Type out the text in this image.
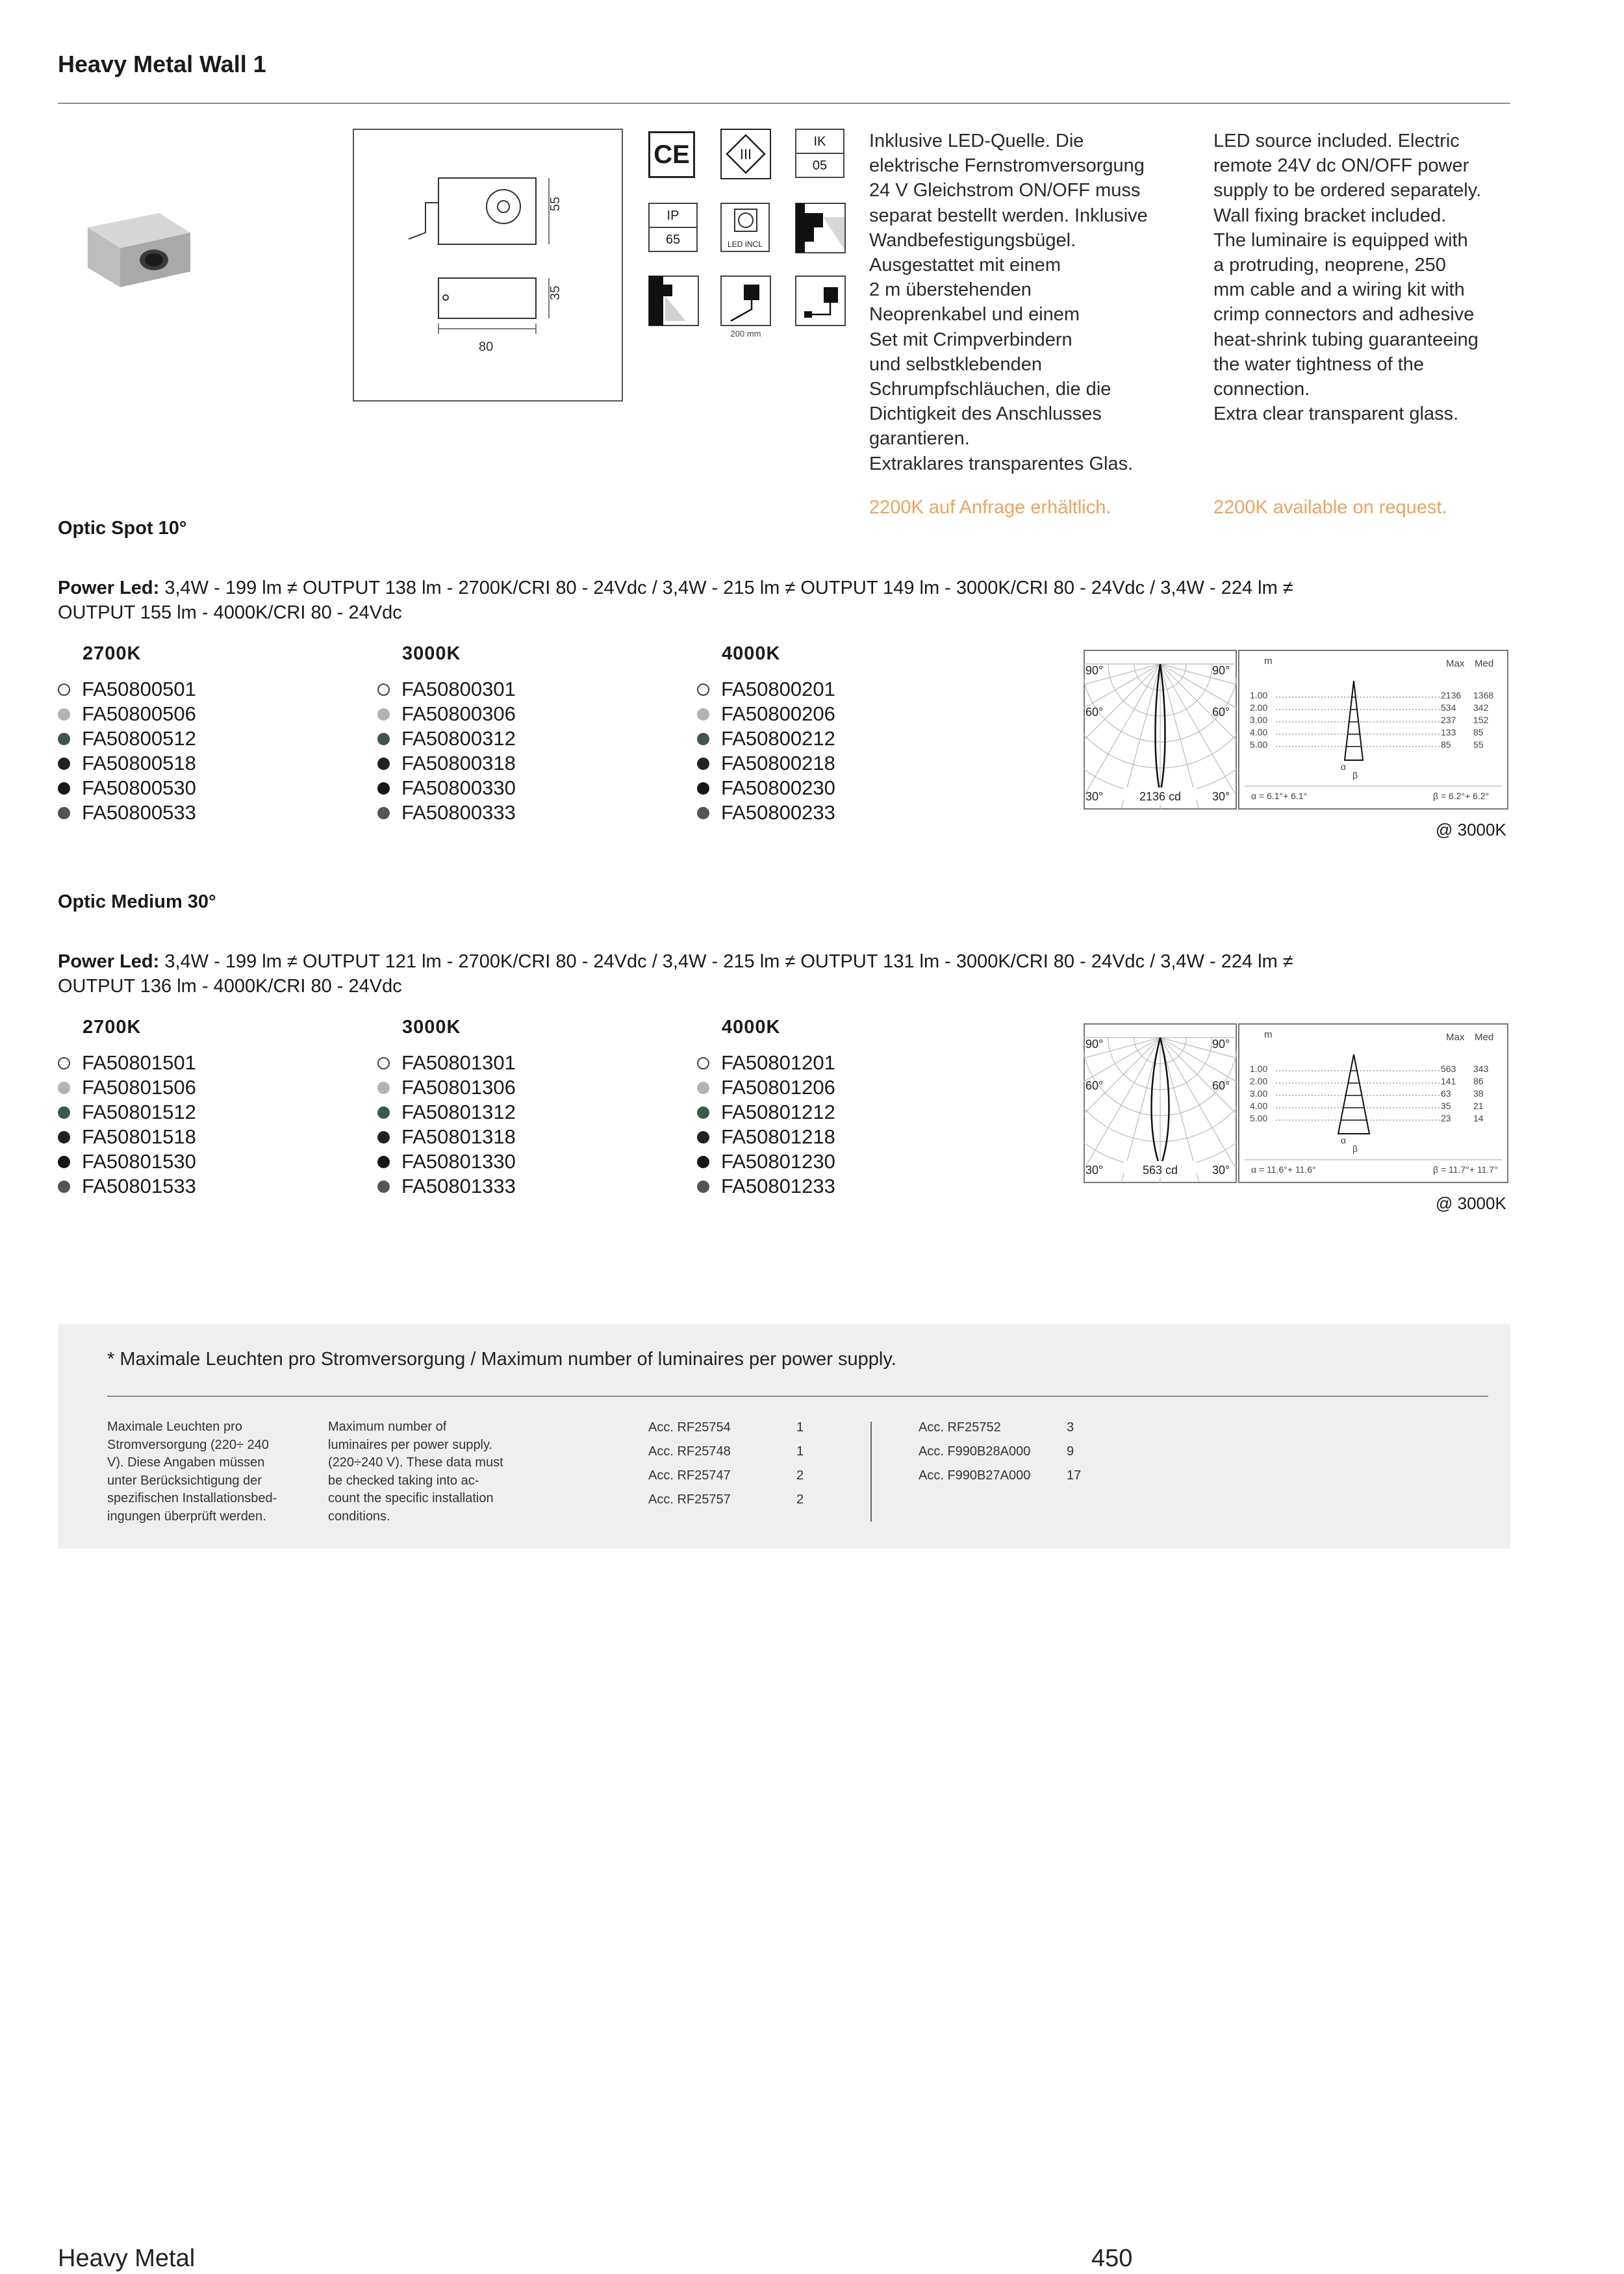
Heavy Metal Wall 1
55
35
80
CE	III
IK
05
IP
65	LED INCL
200 mm
Inklusive LED-Quelle. Die
elektrische Fernstromversorgung
24 V Gleichstrom ON/OFF muss
separat bestellt werden. Inklusive
Wandbefestigungsbügel.
Ausgestattet mit einem
2 m überstehenden
Neoprenkabel und einem
Set mit Crimpverbindern
und selbstklebenden
Schrumpfschläuchen, die die
Dichtigkeit des Anschlusses
garantieren.
Extraklares transparentes Glas.
LED source included. Electric
remote 24V dc ON/OFF power
supply to be ordered separately.
Wall fixing bracket included.
The luminaire is equipped with
a protruding, neoprene, 250
mm cable and a wiring kit with
crimp connectors and adhesive
heat-shrink tubing guaranteeing
the water tightness of the
connection.
Extra clear transparent glass.
2200K auf Anfrage erhältlich.	2200K available on request.
Optic Spot 10°
Power Led: 3,4W - 199 lm ≠ OUTPUT 138 lm - 2700K/CRI 80 - 24Vdc / 3,4W - 215 lm ≠ OUTPUT 149 lm - 3000K/CRI 80 - 24Vdc / 3,4W - 224 lm ≠
OUTPUT 155 lm - 4000K/CRI 80 - 24Vdc
2700K
FA50800501
FA50800506
FA50800512
FA50800518
FA50800530
FA50800533
3000K
FA50800301
FA50800306
FA50800312
FA50800318
FA50800330
FA50800333
4000K
FA50800201
FA50800206
FA50800212
FA50800218
FA50800230
FA50800233
90°	90°
60°	60°
30°	30°
2136 cd
m	Max Med
1.00	2136 1368
2.00	534 342
3.00	237 152
4.00	133 85
5.00	85 55
α
β
α = 6.1°+ 6.1°	β = 6.2°+ 6.2°
@ 3000K
Optic Medium 30°
Power Led: 3,4W - 199 lm ≠ OUTPUT 121 lm - 2700K/CRI 80 - 24Vdc / 3,4W - 215 lm ≠ OUTPUT 131 lm - 3000K/CRI 80 - 24Vdc / 3,4W - 224 lm ≠
OUTPUT 136 lm - 4000K/CRI 80 - 24Vdc
2700K
FA50801501
FA50801506
FA50801512
FA50801518
FA50801530
FA50801533
3000K
FA50801301
FA50801306
FA50801312
FA50801318
FA50801330
FA50801333
4000K
FA50801201
FA50801206
FA50801212
FA50801218
FA50801230
FA50801233
90°	90°
60°	60°
30°	30°
563 cd
m	Max Med
1.00	563 343
2.00	141 86
3.00	63 38
4.00	35 21
5.00	23 14
α
β
α = 11.6°+ 11.6°	β = 11.7°+ 11.7°
@ 3000K
* Maximale Leuchten pro Stromversorgung / Maximum number of luminaires per power supply.
Maximale Leuchten pro
Stromversorgung (220÷ 240
V). Diese Angaben müssen
unter Berücksichtigung der
spezifischen Installationsbed-
ingungen überprüft werden.
Maximum number of
luminaires per power supply.
(220÷240 V). These data must
be checked taking into ac-
count the specific installation
conditions.
Acc. RF25754	1
Acc. RF25748	1
Acc. RF25747	2
Acc. RF25757	2
Acc. RF25752	3
Acc. F990B28A000	9
Acc. F990B27A000	17
Heavy Metal	450
